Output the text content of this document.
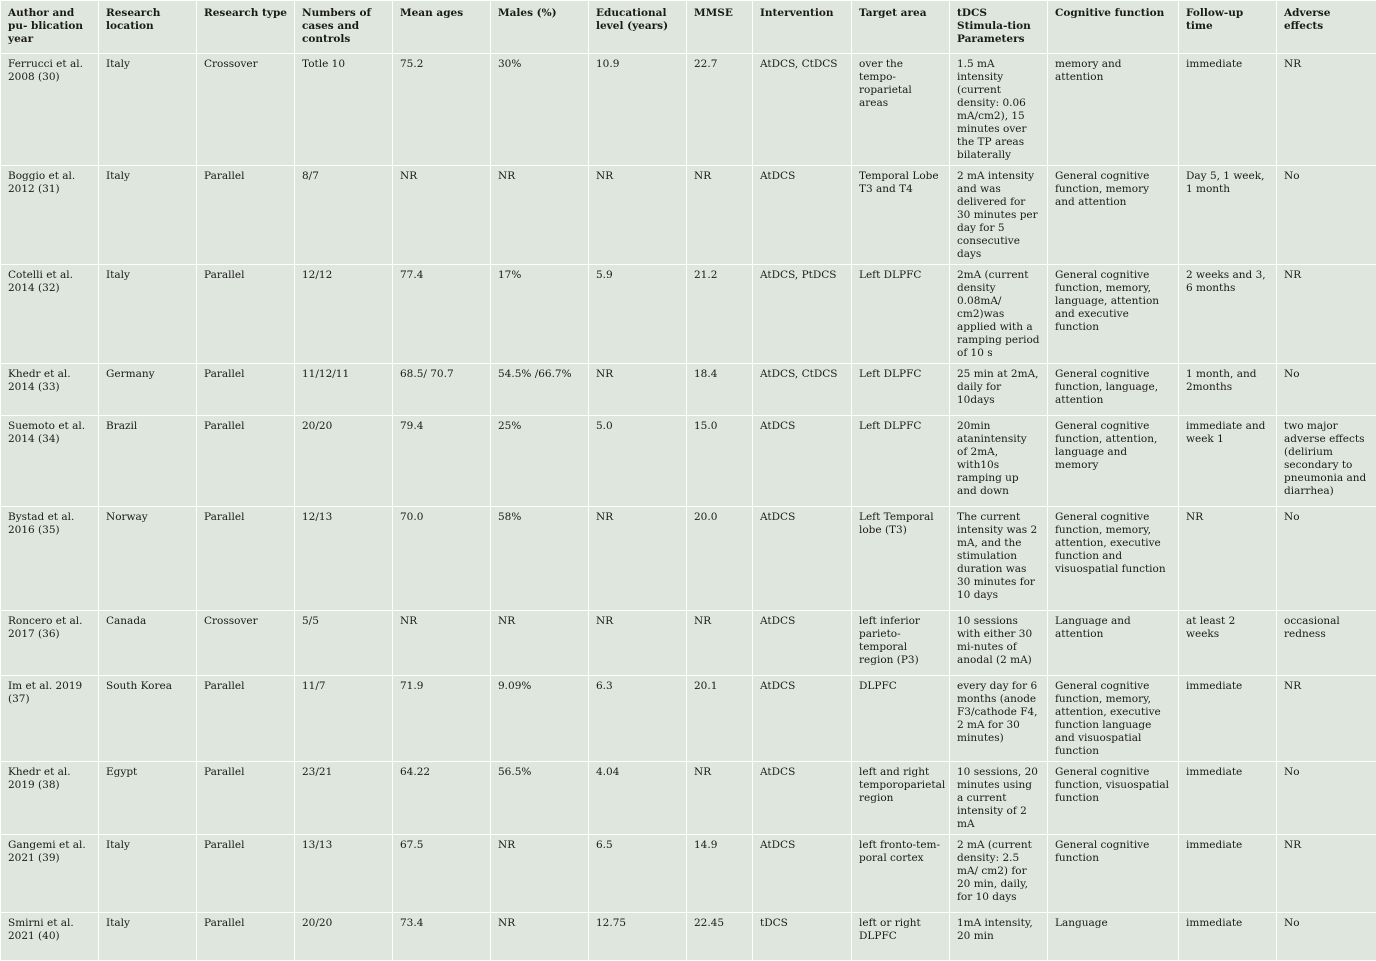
Author and pu- blication year	Research location	Research type	Numbers of cases and controls	Mean ages	Males (%)	Educational level (years)	MMSE	Intervention	Target area	tDCS Stimula-tion Parameters	Cognitive function	Follow-up time	Adverse effects
Ferrucci et al. 2008 (30)	Italy	Crossover	Totle 10	75.2	30%	10.9	22.7	AtDCS, CtDCS	over the tempo-roparietal areas	1.5 mA intensity (current density: 0.06 mA/cm2), 15 minutes over the TP areas bilaterally	memory and attention	immediate	NR
Boggio et al. 2012 (31)	Italy	Parallel	8/7	NR	NR	NR	NR	AtDCS	Temporal Lobe T3 and T4	2 mA intensity and was delivered for 30 minutes per day for 5 consecutive days	General cognitive function, memory and attention	Day 5, 1 week, 1 month	No
Cotelli et al. 2014 (32)	Italy	Parallel	12/12	77.4	17%	5.9	21.2	AtDCS, PtDCS	Left DLPFC	2mA (current density 0.08mA/ cm2)was applied with a ramping period of 10 s	General cognitive function, memory, language, attention and executive function	2 weeks and 3, 6 months	NR
Khedr et al. 2014 (33)	Germany	Parallel	11/12/11	68.5/ 70.7	54.5% /66.7%	NR	18.4	AtDCS, CtDCS	Left DLPFC	25 min at 2mA, daily for 10days	General cognitive function, language, attention	1 month, and 2months	No
Suemoto et al. 2014 (34)	Brazil	Parallel	20/20	79.4	25%	5.0	15.0	AtDCS	Left DLPFC	20min atanintensity of 2mA, with10s ramping up and down	General cognitive function, attention, language and memory	immediate and week 1	two major adverse effects (delirium secondary to pneumonia and diarrhea)
Bystad et al. 2016 (35)	Norway	Parallel	12/13	70.0	58%	NR	20.0	AtDCS	Left Temporal lobe (T3)	The current intensity was 2 mA, and the stimulation duration was 30 minutes for 10 days	General cognitive function, memory, attention, executive function and visuospatial function	NR	No
Roncero et al. 2017 (36)	Canada	Crossover	5/5	NR	NR	NR	NR	AtDCS	left inferior parieto-temporal region (P3)	10 sessions with either 30 mi-nutes of anodal (2 mA)	Language and attention	at least 2 weeks	occasional redness
Im et al. 2019 (37)	South Korea	Parallel	11/7	71.9	9.09%	6.3	20.1	AtDCS	DLPFC	every day for 6 months (anode F3/cathode F4, 2 mA for 30 minutes)	General cognitive function, memory, attention, executive function language and visuospatial function	immediate	NR
Khedr et al. 2019 (38)	Egypt	Parallel	23/21	64.22	56.5%	4.04	NR	AtDCS	left and right temporoparietal region	10 sessions, 20 minutes using a current intensity of 2 mA	General cognitive function, visuospatial function	immediate	No
Gangemi et al. 2021 (39)	Italy	Parallel	13/13	67.5	NR	6.5	14.9	AtDCS	left fronto-tem-poral cortex	2 mA (current density: 2.5 mA/ cm2) for 20 min, daily, for 10 days	General cognitive function	immediate	NR
Smirni et al. 2021 (40)	Italy	Parallel	20/20	73.4	NR	12.75	22.45	tDCS	left or right DLPFC	1mA intensity, 20 min	Language	immediate	No
